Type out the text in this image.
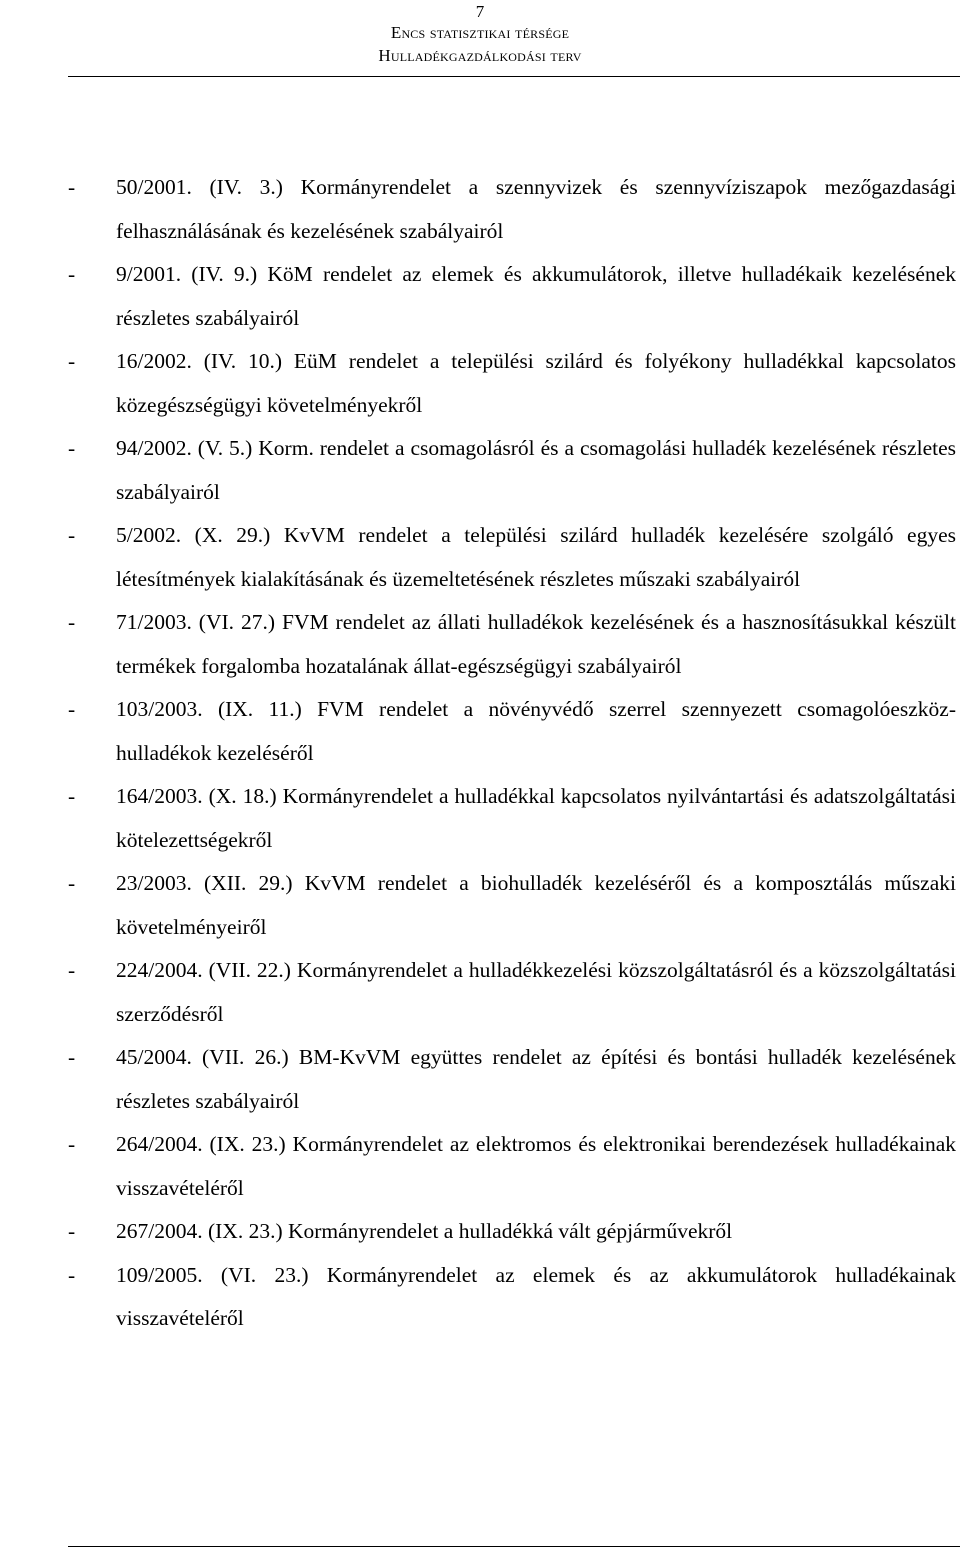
7
Encs statisztikai térsége
Hulladékgazdálkodási terv
- 50/2001. (IV. 3.) Kormányrendelet a szennyvizek és szennyvíziszapok mezőgazdasági felhasználásának és kezelésének szabályairól
- 9/2001. (IV. 9.) KöM rendelet az elemek és akkumulátorok, illetve hulladékaik kezelésének részletes szabályairól
- 16/2002. (IV. 10.) EüM rendelet a települési szilárd és folyékony hulladékkal kapcsolatos közegészségügyi követelményekről
- 94/2002. (V. 5.) Korm. rendelet a csomagolásról és a csomagolási hulladék kezelésének részletes szabályairól
- 5/2002. (X. 29.) KvVM rendelet a települési szilárd hulladék kezelésére szolgáló egyes létesítmények kialakításának és üzemeltetésének részletes műszaki szabályairól
- 71/2003. (VI. 27.) FVM rendelet az állati hulladékok kezelésének és a hasznosításukkal készült termékek forgalomba hozatalának állat-egészségügyi szabályairól
- 103/2003. (IX. 11.) FVM rendelet a növényvédő szerrel szennyezett csomagolóeszköz-hulladékok kezeléséről
- 164/2003. (X. 18.) Kormányrendelet a hulladékkal kapcsolatos nyilvántartási és adatszolgáltatási kötelezettségekről
- 23/2003. (XII. 29.) KvVM rendelet a biohulladék kezeléséről és a komposztálás műszaki követelményeiről
- 224/2004. (VII. 22.) Kormányrendelet a hulladékkezelési közszolgáltatásról és a közszolgáltatási szerződésről
- 45/2004. (VII. 26.) BM-KvVM együttes rendelet az építési és bontási hulladék kezelésének részletes szabályairól
- 264/2004. (IX. 23.) Kormányrendelet az elektromos és elektronikai berendezések hulladékainak visszavételéről
- 267/2004. (IX. 23.) Kormányrendelet a hulladékká vált gépjárművekről
- 109/2005. (VI. 23.) Kormányrendelet az elemek és az akkumulátorok hulladékainak visszavételéről
